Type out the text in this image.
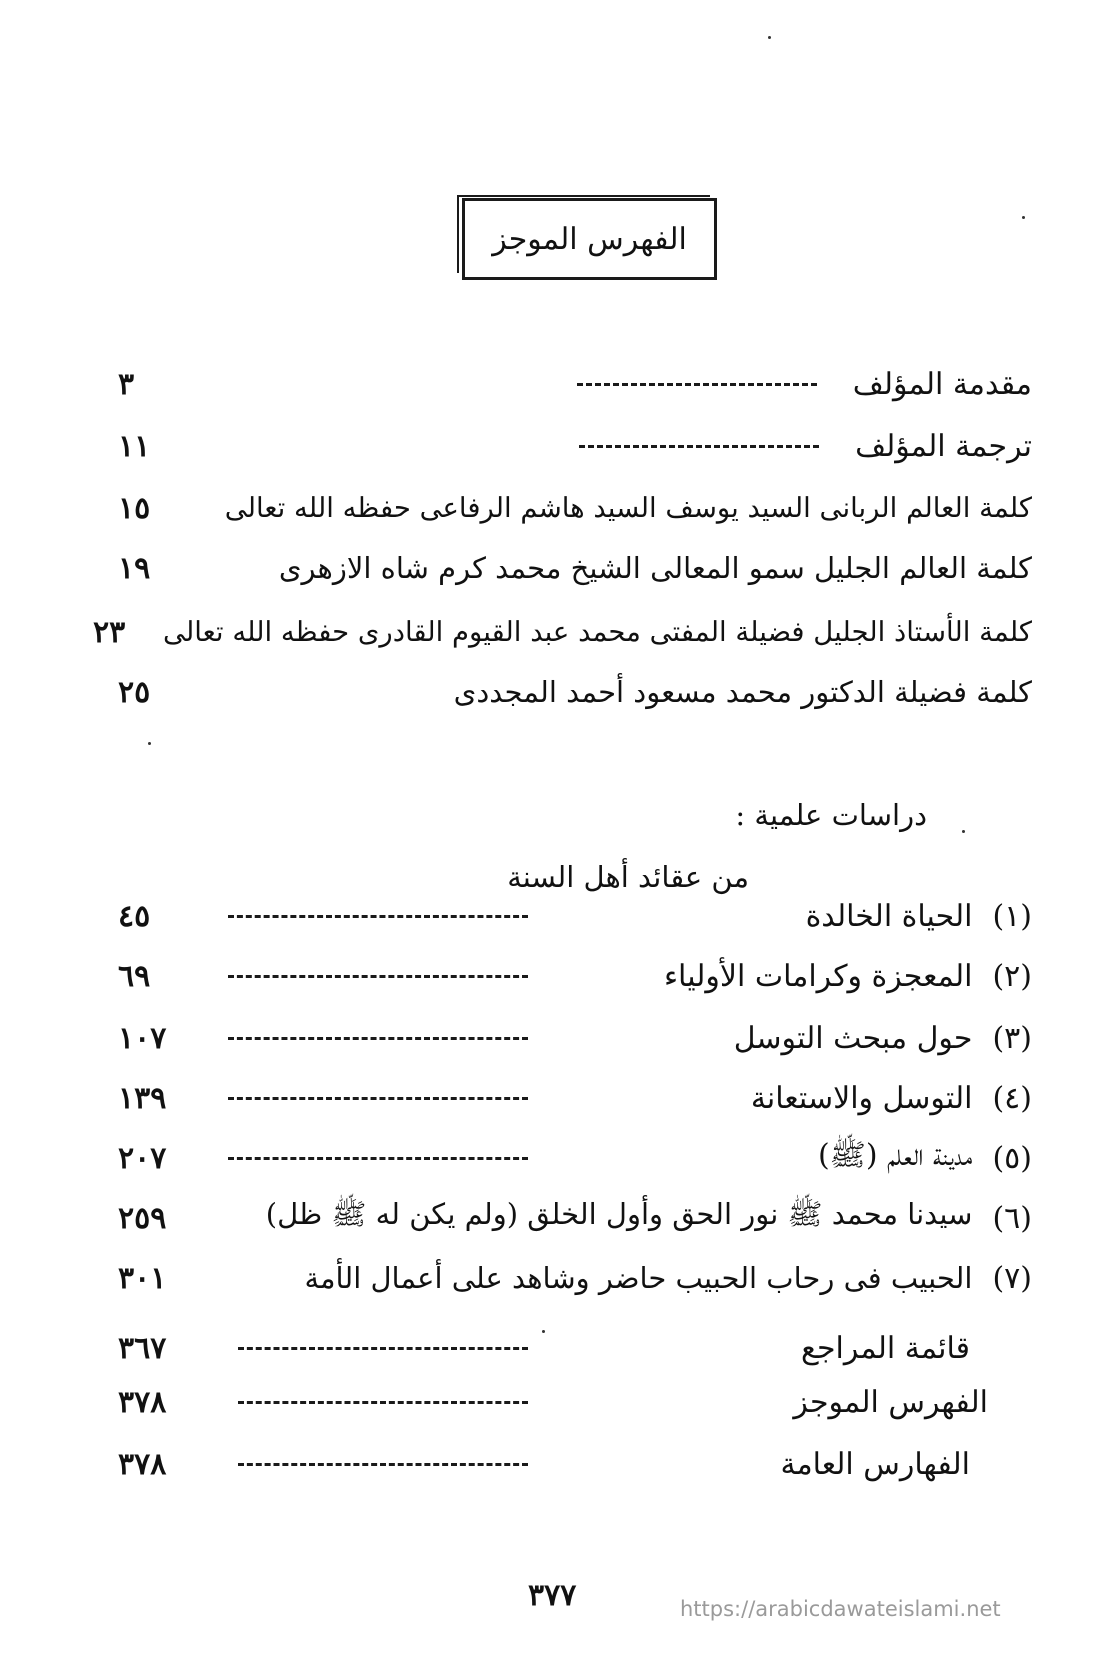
الفهرس الموجز
مقدمة المؤلف
٣
ترجمة المؤلف
١١
كلمة العالم الربانى السيد يوسف السيد هاشم الرفاعى حفظه الله تعالى
١٥
كلمة العالم الجليل سمو المعالى الشيخ محمد كرم شاه الازهرى
١٩
كلمة الأستاذ الجليل فضيلة المفتى محمد عبد القيوم القادرى حفظه الله تعالى
٢٣
كلمة فضيلة الدكتور محمد مسعود أحمد المجددى
٢٥
دراسات علمية :
من عقائد أهل السنة
(١)
الحياة الخالدة
٤٥
(٢)
المعجزة وكرامات الأولياء
٦٩
(٣)
حول مبحث التوسل
١٠٧
(٤)
التوسل والاستعانة
١٣٩
(٥)
مدينة العلم (ﷺ)
٢٠٧
(٦)
سيدنا محمد ﷺ نور الحق وأول الخلق (ولم يكن له ﷺ ظل)
٢٥٩
(٧)
الحبيب فى رحاب الحبيب حاضر وشاهد على أعمال الأمة
٣٠١
قائمة المراجع
٣٦٧
الفهرس الموجز
٣٧٨
الفهارس العامة
٣٧٨
٣٧٧	https://arabicdawateislami.net
